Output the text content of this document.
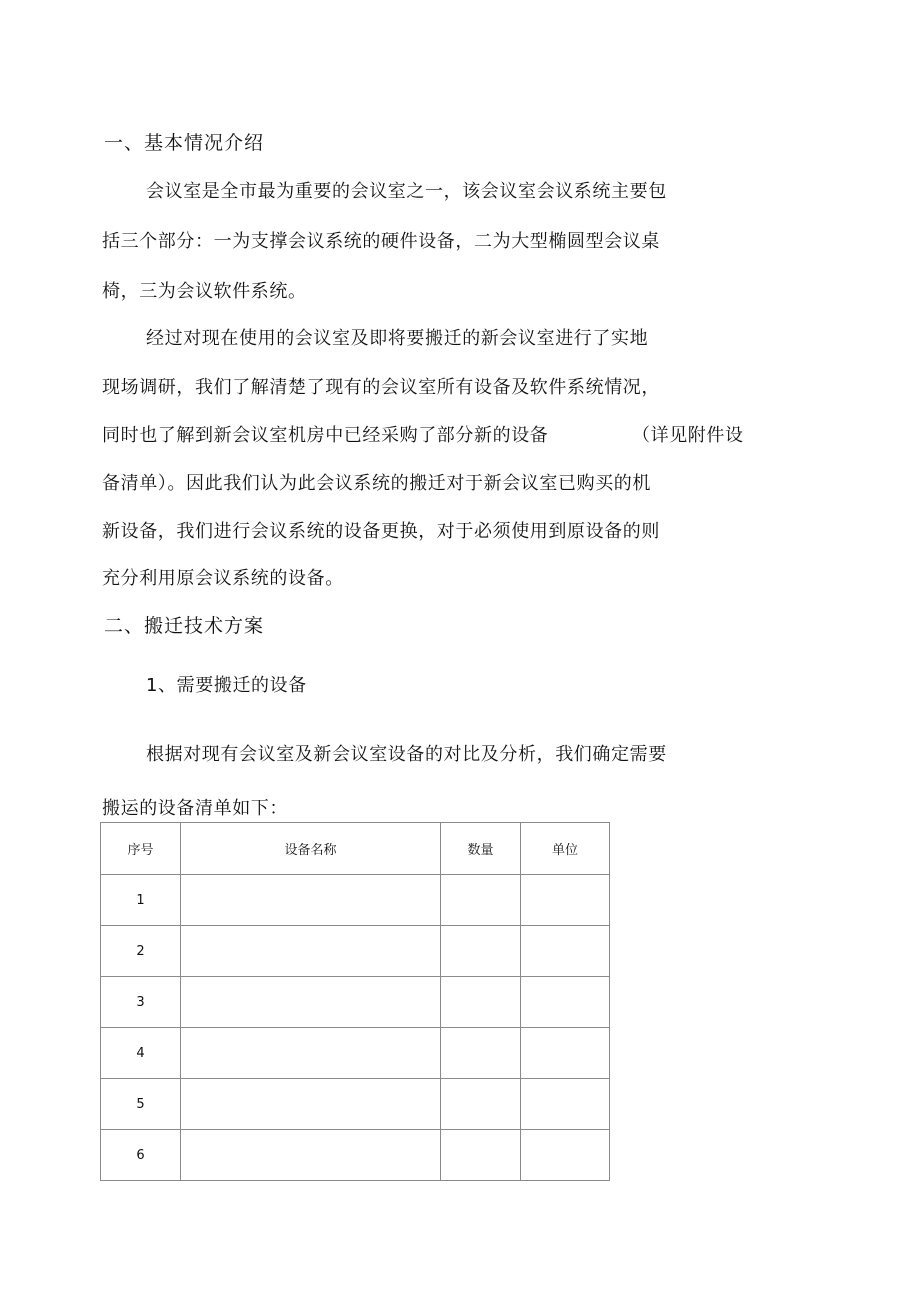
一、基本情况介绍
会议室是全市最为重要的会议室之一，该会议室会议系统主要包
括三个部分：一为支撑会议系统的硬件设备，二为大型椭圆型会议桌
椅，三为会议软件系统。
经过对现在使用的会议室及即将要搬迁的新会议室进行了实地
现场调研，我们了解清楚了现有的会议室所有设备及软件系统情况，
同时也了解到新会议室机房中已经采购了部分新的设备	（详见附件设
备清单）。因此我们认为此会议系统的搬迁对于新会议室已购买的机
新设备，我们进行会议系统的设备更换，对于必须使用到原设备的则
充分利用原会议系统的设备。
二、搬迁技术方案
1、需要搬迁的设备
根据对现有会议室及新会议室设备的对比及分析，我们确定需要
搬运的设备清单如下：
序号	设备名称	数量	单位
1			
2			
3			
4			
5			
6			
